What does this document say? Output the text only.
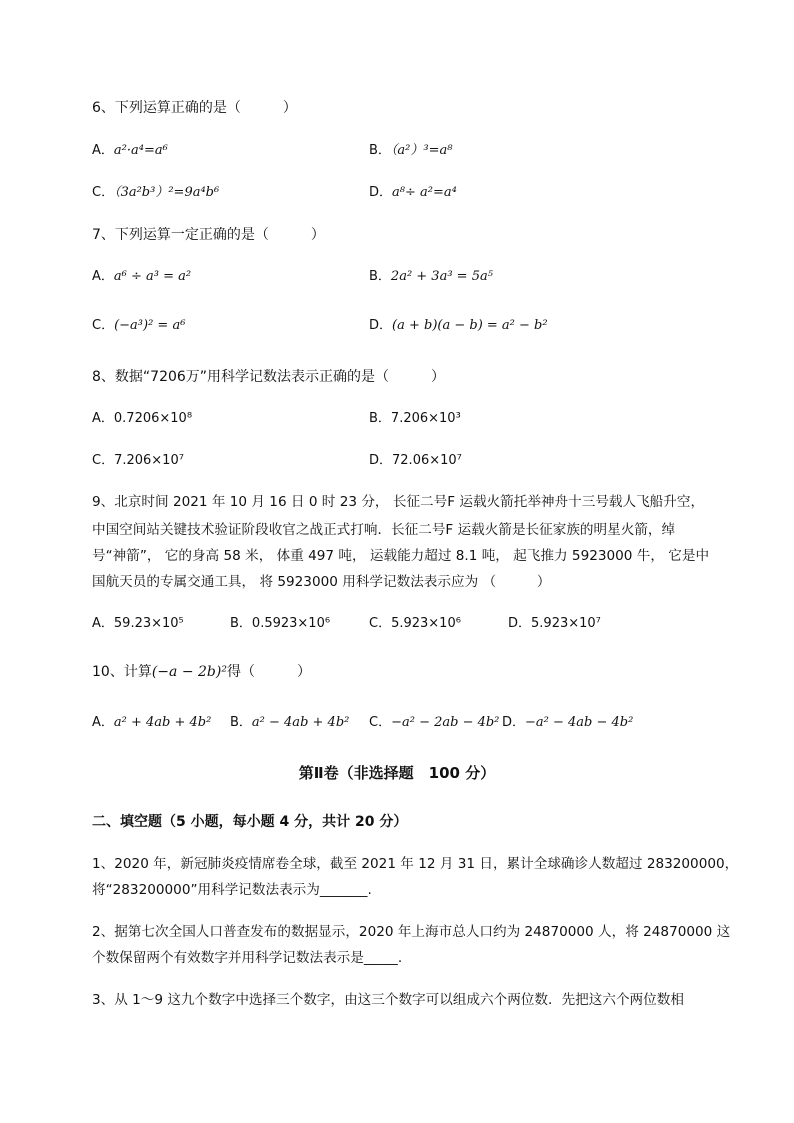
6、下列运算正确的是（　　　）
A．a²·a⁴=a⁶	B．（a²）³=a⁸
C．（3a²b³）²=9a⁴b⁶	D．a⁸÷ a²=a⁴
7、下列运算一定正确的是（　　　）
A．a⁶ ÷ a³ = a²	B．2a² + 3a³ = 5a⁵
C．(−a³)² = a⁶	D．(a + b)(a − b) = a² − b²
8、数据“7206万”用科学记数法表示正确的是（　　　）
A．0.7206×10⁸	B．7.206×10³
C．7.206×10⁷	D．72.06×10⁷
9、北京时间 2021 年 10 月 16 日 0 时 23 分， 长征二号F 运载火箭托举神舟十三号载人飞船升空，
中国空间站关键技术验证阶段收官之战正式打响．长征二号F 运载火箭是长征家族的明星火箭，绰
号“神箭”， 它的身高 58 米， 体重 497 吨， 运载能力超过 8.1 吨， 起飞推力 5923000 牛， 它是中
国航天员的专属交通工具， 将 5923000 用科学记数法表示应为 （　　　）
A．59.23×10⁵	B．0.5923×10⁶	C．5.923×10⁶	D．5.923×10⁷
10、计算(−a − 2b)²得（　　　）
A．a² + 4ab + 4b² B．a² − 4ab + 4b² C．−a² − 2ab − 4b² D．−a² − 4ab − 4b²
第Ⅱ卷（非选择题　100 分）
二、填空题（5 小题，每小题 4 分，共计 20 分）
1、2020 年，新冠肺炎疫情席卷全球，截至 2021 年 12 月 31 日，累计全球确诊人数超过 283200000，
将“283200000”用科学记数法表示为_______.
2、据第七次全国人口普查发布的数据显示，2020 年上海市总人口约为 24870000 人，将 24870000 这
个数保留两个有效数字并用科学记数法表示是_____.
3、从 1～9 这九个数字中选择三个数字，由这三个数字可以组成六个两位数．先把这六个两位数相
